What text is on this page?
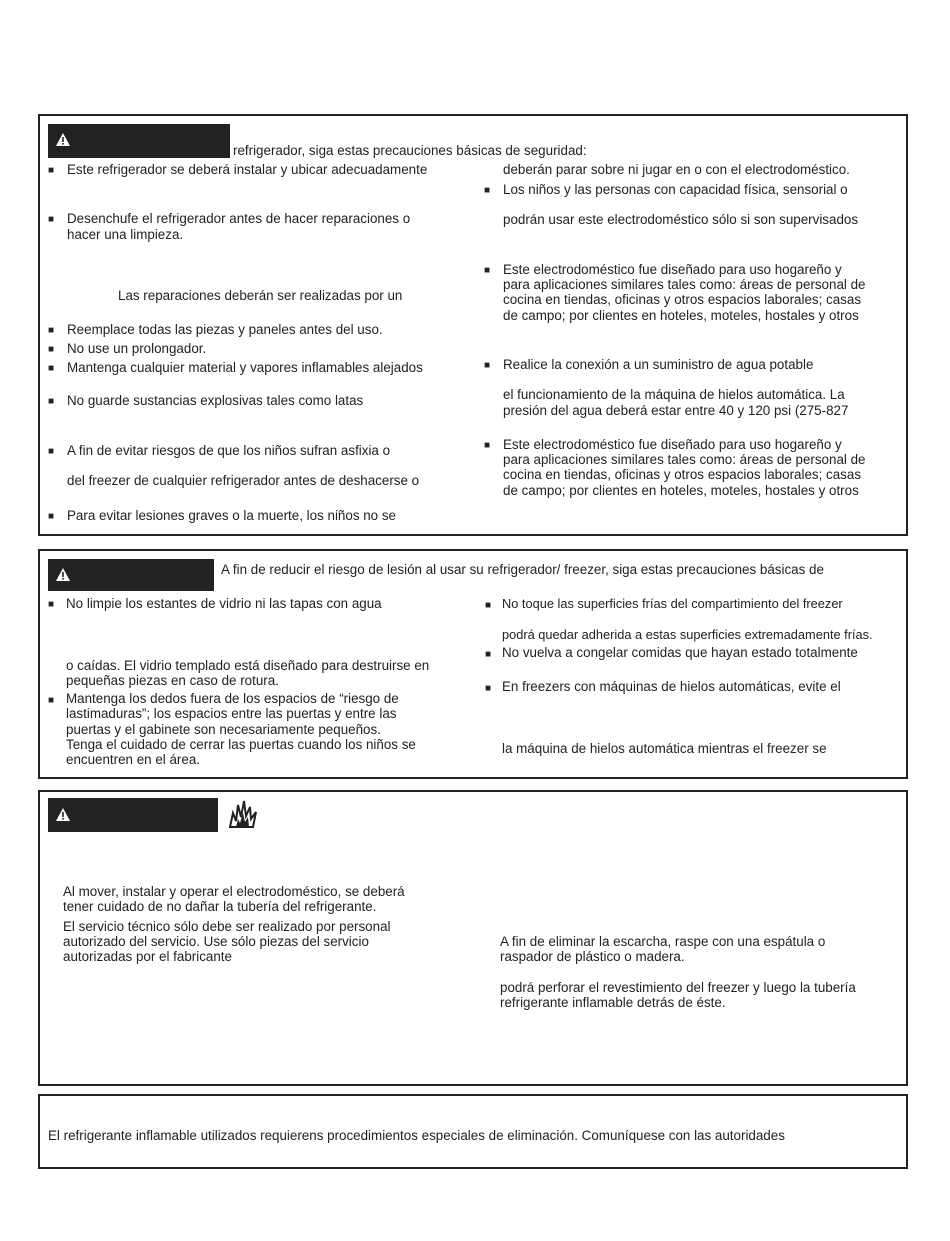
refrigerador, siga estas precauciones básicas de seguridad:
■ Este refrigerador se deberá instalar y ubicar adecuadamente
■ Desenchufe el refrigerador antes de hacer reparaciones o
hacer una limpieza.
Las reparaciones deberán ser realizadas por un
■ Reemplace todas las piezas y paneles antes del uso.
■ No use un prolongador.
■ Mantenga cualquier material y vapores inflamables alejados
■ No guarde sustancias explosivas tales como latas
■ A fin de evitar riesgos de que los niños sufran asfixia o
del freezer de cualquier refrigerador antes de deshacerse o
■ Para evitar lesiones graves o la muerte, los niños no se
deberán parar sobre ni jugar en o con el electrodoméstico.
■ Los niños y las personas con capacidad física, sensorial o
podrán usar este electrodoméstico sólo si son supervisados
■ Este electrodoméstico fue diseñado para uso hogareño y
para aplicaciones similares tales como: áreas de personal de
cocina en tiendas, oficinas y otros espacios laborales; casas
de campo; por clientes en hoteles, moteles, hostales y otros
■ Realice la conexión a un suministro de agua potable
el funcionamiento de la máquina de hielos automática. La
presión del agua deberá estar entre 40 y 120 psi (275-827
■ Este electrodoméstico fue diseñado para uso hogareño y
para aplicaciones similares tales como: áreas de personal de
cocina en tiendas, oficinas y otros espacios laborales; casas
de campo; por clientes en hoteles, moteles, hostales y otros
A fin de reducir el riesgo de lesión al usar su refrigerador/ freezer, siga estas precauciones básicas de
■ No limpie los estantes de vidrio ni las tapas con agua
o caídas. El vidrio templado está diseñado para destruirse en
pequeñas piezas en caso de rotura.
■ Mantenga los dedos fuera de los espacios de “riesgo de
lastimaduras”; los espacios entre las puertas y entre las
puertas y el gabinete son necesariamente pequeños.
Tenga el cuidado de cerrar las puertas cuando los niños se
encuentren en el área.
■ No toque las superficies frías del compartimiento del freezer
podrá quedar adherida a estas superficies extremadamente frías.
■ No vuelva a congelar comidas que hayan estado totalmente
■ En freezers con máquinas de hielos automáticas, evite el
la máquina de hielos automática mientras el freezer se
Al mover, instalar y operar el electrodoméstico, se deberá
tener cuidado de no dañar la tubería del refrigerante.
El servicio técnico sólo debe ser realizado por personal
autorizado del servicio. Use sólo piezas del servicio
autorizadas por el fabricante
A fin de eliminar la escarcha, raspe con una espátula o
raspador de plástico o madera.
podrá perforar el revestimiento del freezer y luego la tubería
refrigerante inflamable detrás de éste.
El refrigerante inflamable utilizados requierens procedimientos especiales de eliminación. Comuníquese con las autoridades
